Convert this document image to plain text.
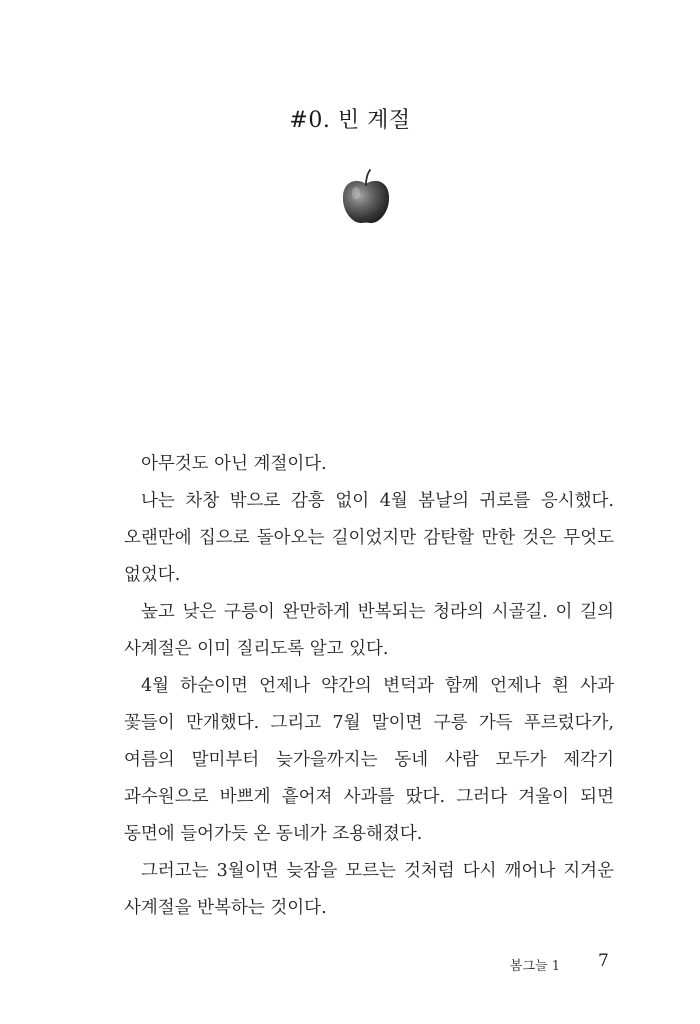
#0. 빈 계절

아무것도 아닌 계절이다.

나는 차창 밖으로 감흥 없이 4월 봄날의 귀로를 응시했다. 오랜만에 집으로 돌아오는 길이었지만 감탄할 만한 것은 무엇도 없었다.

높고 낮은 구릉이 완만하게 반복되는 청라의 시골길. 이 길의 사계절은 이미 질리도록 알고 있다.

4월 하순이면 언제나 약간의 변덕과 함께 언제나 흰 사과 꽃들이 만개했다. 그리고 7월 말이면 구릉 가득 푸르렀다가, 여름의 말미부터 늦가을까지는 동네 사람 모두가 제각기 과수원으로 바쁘게 흩어져 사과를 땄다. 그러다 겨울이 되면 동면에 들어가듯 온 동네가 조용해졌다.

그러고는 3월이면 늦잠을 모르는 것처럼 다시 깨어나 지겨운 사계절을 반복하는 것이다.

봄그늘 1 7
